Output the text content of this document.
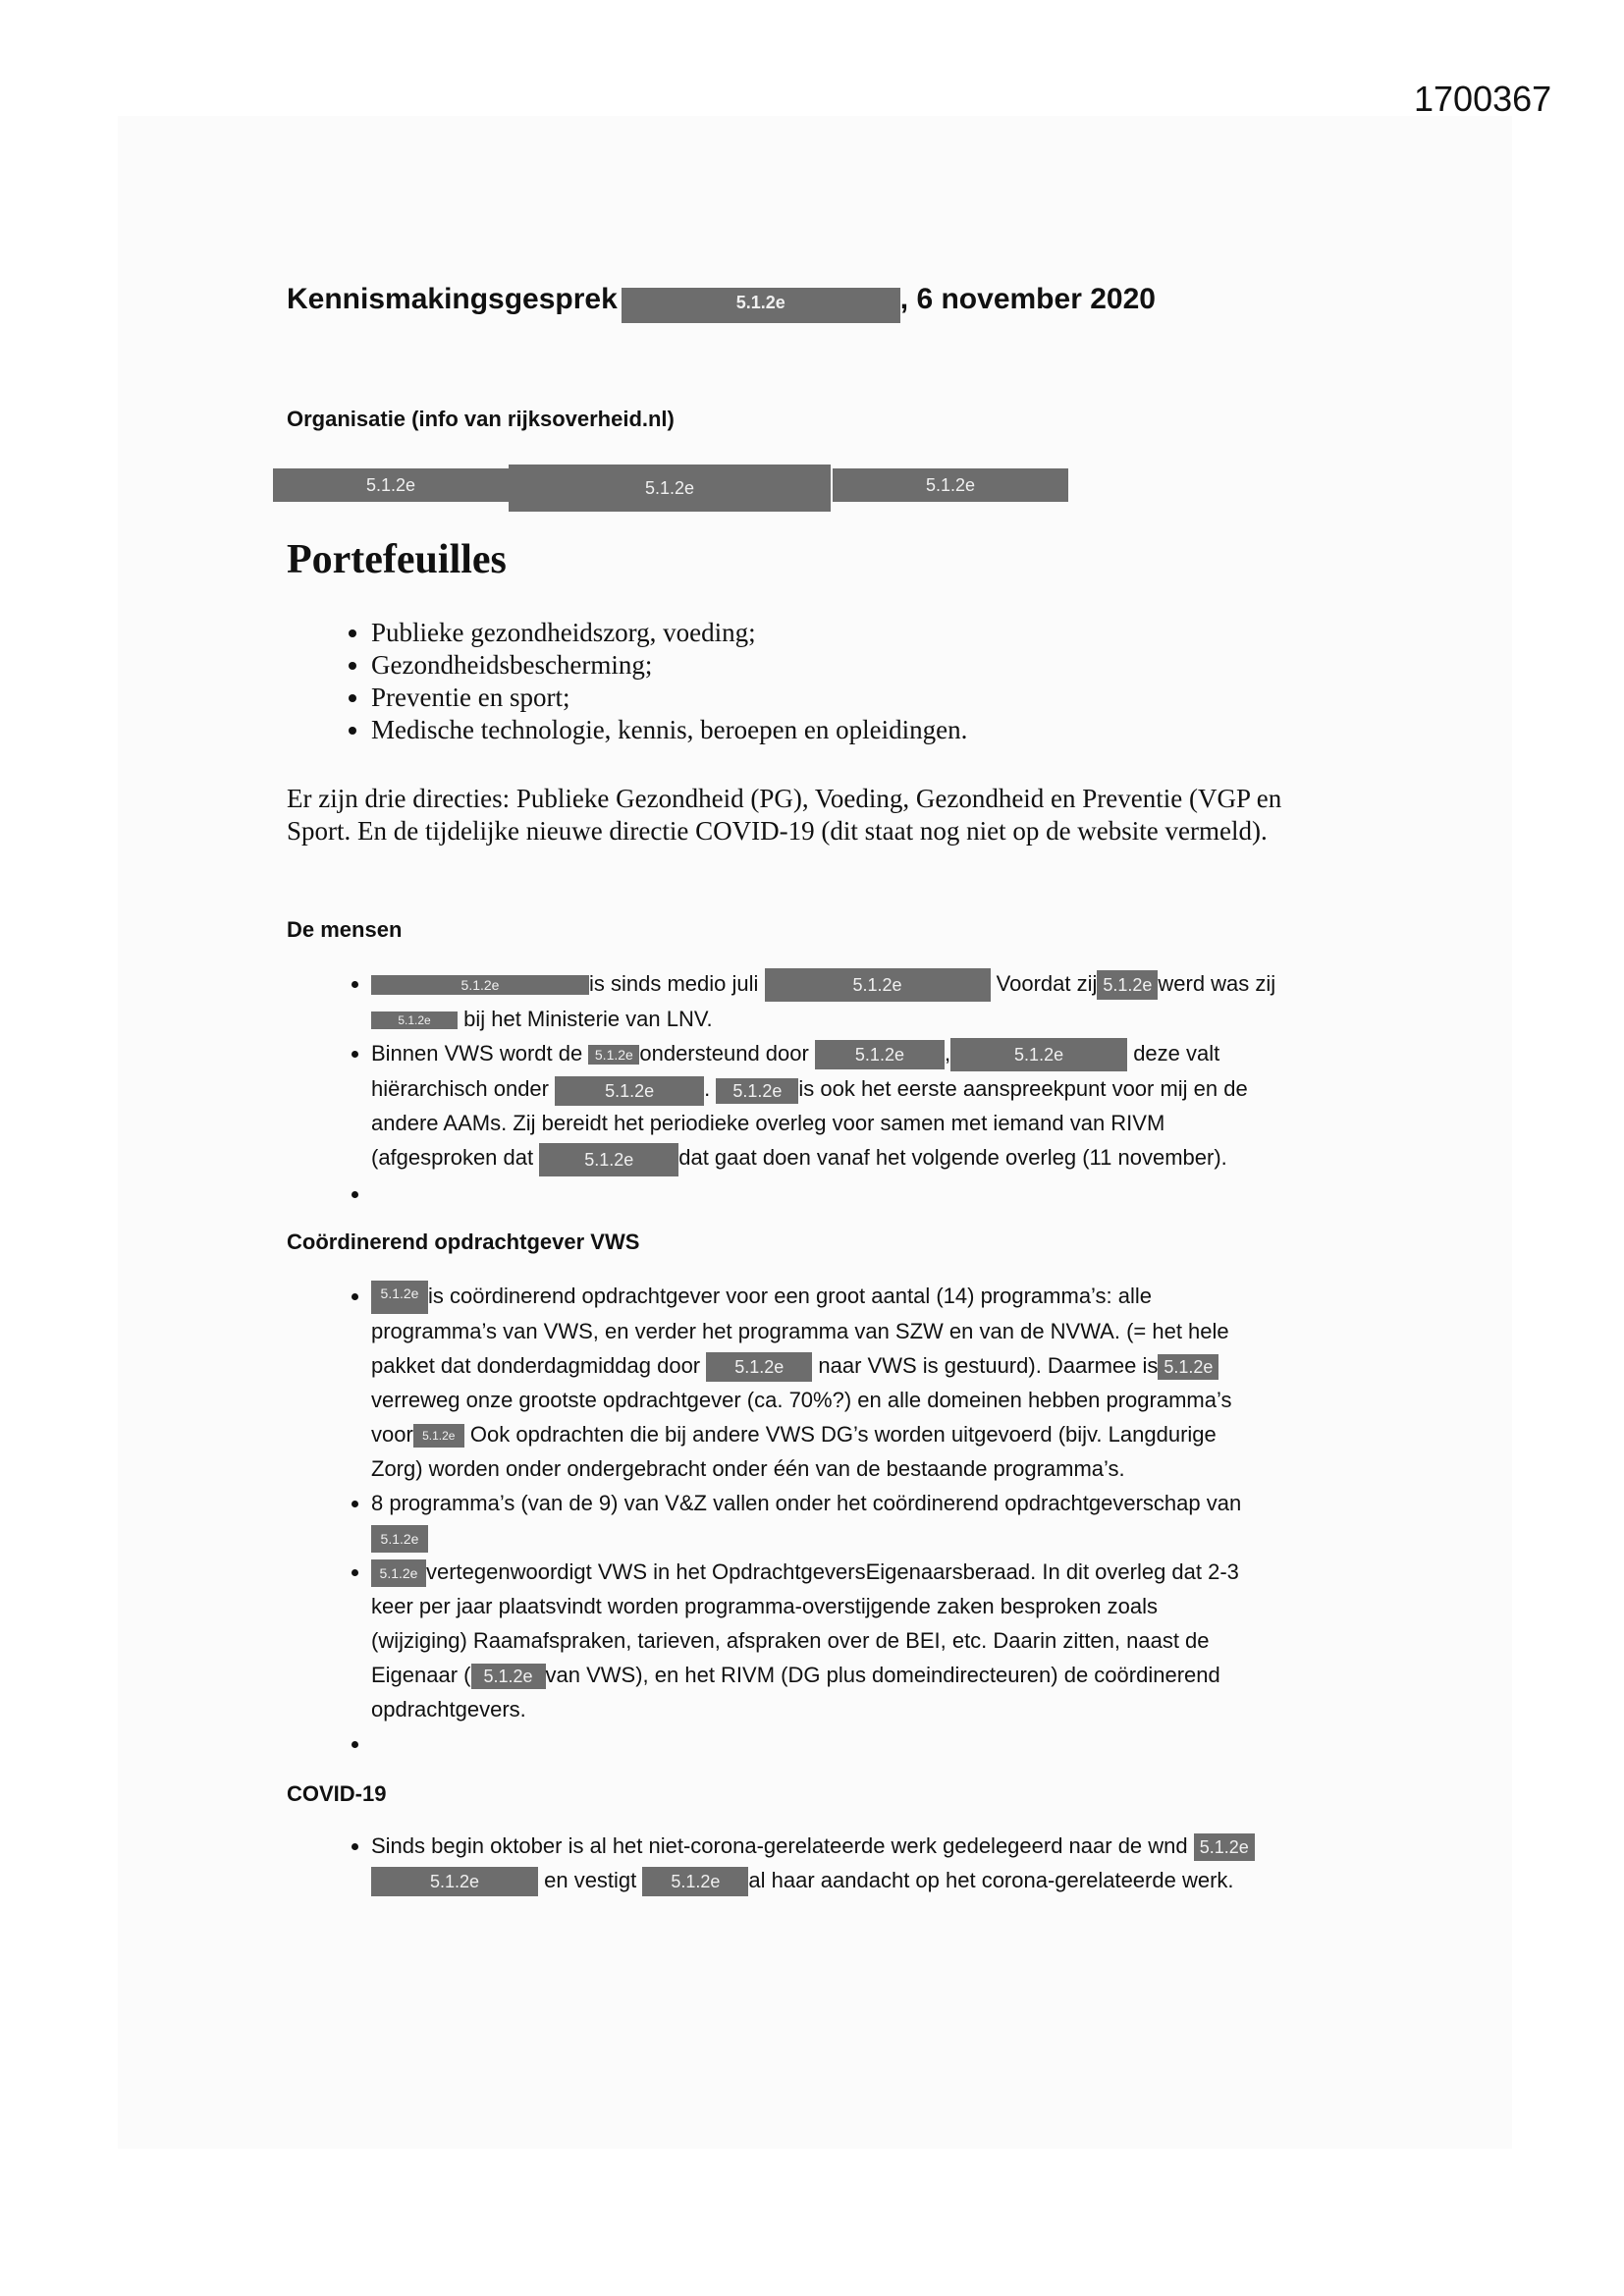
1700367
Kennismakingsgesprek	5.1.2e	, 6 november 2020
Organisatie (info van rijksoverheid.nl)
5.1.2e	5.1.2e	5.1.2e
Portefeuilles
• Publieke gezondheidszorg, voeding;
• Gezondheidsbescherming;
• Preventie en sport;
• Medische technologie, kennis, beroepen en opleidingen.

Er zijn drie directies: Publieke Gezondheid (PG), Voeding, Gezondheid en Preventie (VGP en Sport. En de tijdelijke nieuwe directie COVID-19 (dit staat nog niet op de website vermeld).

De mensen
• 5.1.2e	is sinds medio juli	5.1.2e	Voordat zij 5.1.2e werd was zij
5.1.2e bij het Ministerie van LNV.
• Binnen VWS wordt de 5.1.2e ondersteund door	5.1.2e ,	5.1.2e	deze valt
hiërarchisch onder	5.1.2e . 5.1.2e is ook het eerste aanspreekpunt voor mij en de
andere AAMs. Zij bereidt het periodieke overleg voor samen met iemand van RIVM
(afgesproken dat	5.1.2e dat gaat doen vanaf het volgende overleg (11 november).
•
Coördinerend opdrachtgever VWS
• 5.1.2e is coördinerend opdrachtgever voor een groot aantal (14) programma’s: alle
programma’s van VWS, en verder het programma van SZW en van de NVWA. (= het hele
pakket dat donderdagmiddag door 5.1.2e naar VWS is gestuurd). Daarmee is 5.1.2e
verreweg onze grootste opdrachtgever (ca. 70%?) en alle domeinen hebben programma’s
voor 5.1.2e Ook opdrachten die bij andere VWS DG’s worden uitgevoerd (bijv. Langdurige
Zorg) worden onder ondergebracht onder één van de bestaande programma’s.
• 8 programma’s (van de 9) van V&Z vallen onder het coördinerend opdrachtgeverschap van
5.1.2e
• 5.1.2e vertegenwoordigt VWS in het OpdrachtgeversEigenaarsberaad. In dit overleg dat 2-3
keer per jaar plaatsvindt worden programma-overstijgende zaken besproken zoals
(wijziging) Raamafspraken, tarieven, afspraken over de BEI, etc. Daarin zitten, naast de
Eigenaar ( 5.1.2e van VWS), en het RIVM (DG plus domeindirecteuren) de coördinerend
opdrachtgevers.
•
COVID-19
• Sinds begin oktober is al het niet-corona-gerelateerde werk gedelegeerd naar de wnd 5.1.2e
5.1.2e	en vestigt 5.1.2e al haar aandacht op het corona-gerelateerde werk.
